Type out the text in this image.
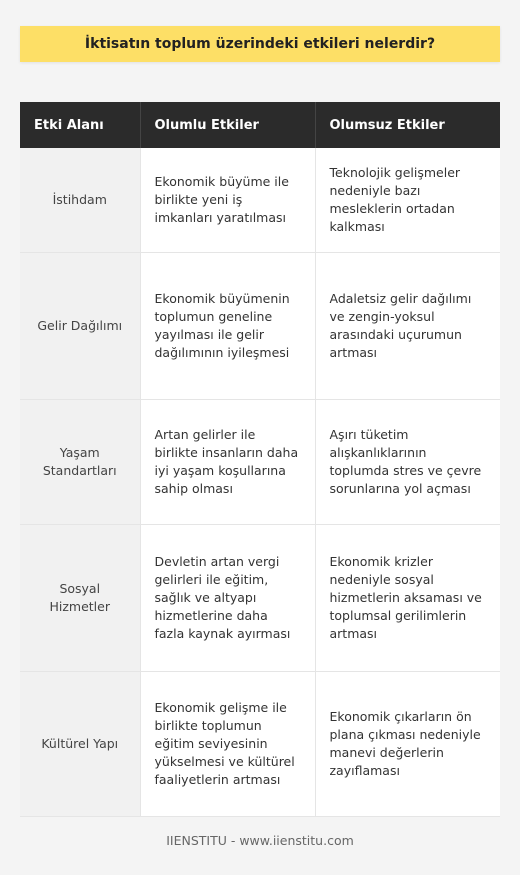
İktisatın toplum üzerindeki etkileri nelerdir?
Etki Alanı	Olumlu Etkiler	Olumsuz Etkiler
İstihdam	Ekonomik büyüme ile birlikte yeni iş imkanları yaratılması	Teknolojik gelişmeler nedeniyle bazı mesleklerin ortadan kalkması
Gelir Dağılımı	Ekonomik büyümenin toplumun geneline yayılması ile gelir dağılımının iyileşmesi	Adaletsiz gelir dağılımı ve zengin-yoksul arasındaki uçurumun artması
Yaşam Standartları	Artan gelirler ile birlikte insanların daha iyi yaşam koşullarına sahip olması	Aşırı tüketim alışkanlıklarının toplumda stres ve çevre sorunlarına yol açması
Sosyal Hizmetler	Devletin artan vergi gelirleri ile eğitim, sağlık ve altyapı hizmetlerine daha fazla kaynak ayırması	Ekonomik krizler nedeniyle sosyal hizmetlerin aksaması ve toplumsal gerilimlerin artması
Kültürel Yapı	Ekonomik gelişme ile birlikte toplumun eğitim seviyesinin yükselmesi ve kültürel faaliyetlerin artması	Ekonomik çıkarların ön plana çıkması nedeniyle manevi değerlerin zayıflaması
IIENSTITU - www.iienstitu.com
